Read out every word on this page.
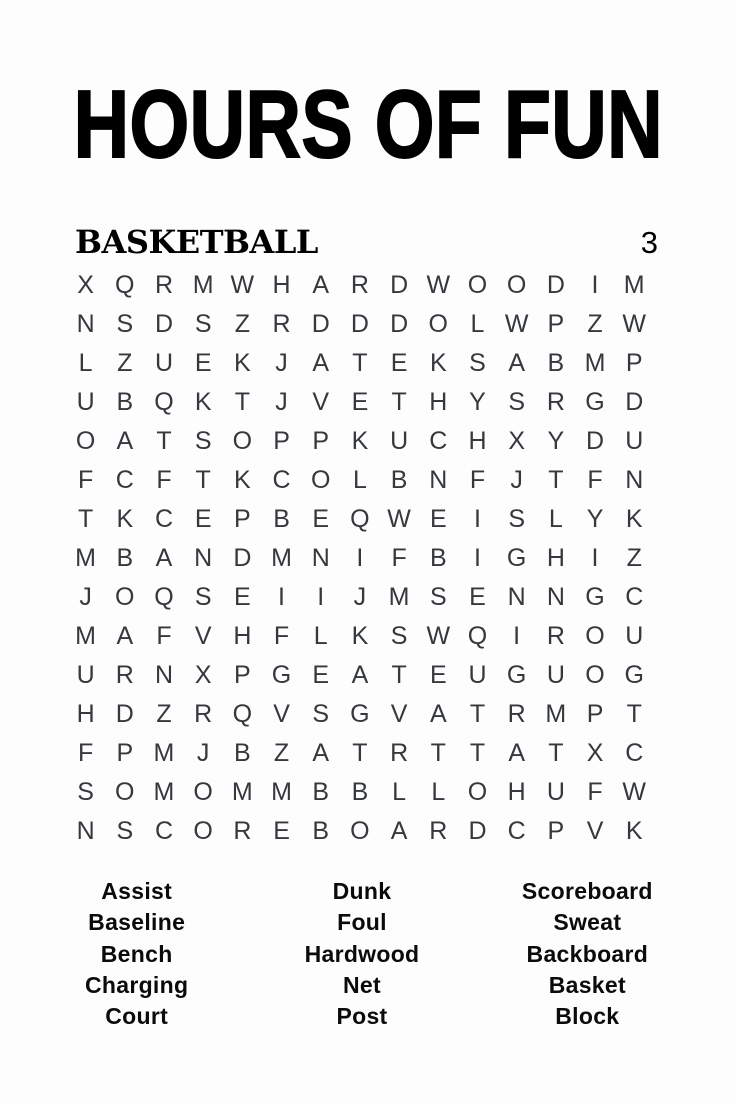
HOURS OF FUN
BASKETBALL	3
X Q R M W H A R D W O O D	I	M
N S D S Z R D D D O L W P Z W
L Z U E K J A T E K S A B M P
U B Q K T	J V E T H Y S R G D
O A T S O P P K U C H X Y D U
F C F T K C O L B N F	J	T F N
T K C E P B E Q W E	I	S L Y K
M B A N D M N	I	F B	I	G H	I	Z
J O Q S E	I	I	J M S E N N G C
M A F V H F L K S W Q	I	R O U
U R N X P G E A T E U G U O G
H D Z R Q V S G V A T R M P T
F P M J B Z A T R T T A T X C
S O M O M M B B L	L O H U F W
N S C O R E B O A R D C P V K
Assist
Baseline
Bench
Charging
Court
Dunk
Foul
Hardwood
Net
Post
Scoreboard
Sweat
Backboard
Basket
Block
